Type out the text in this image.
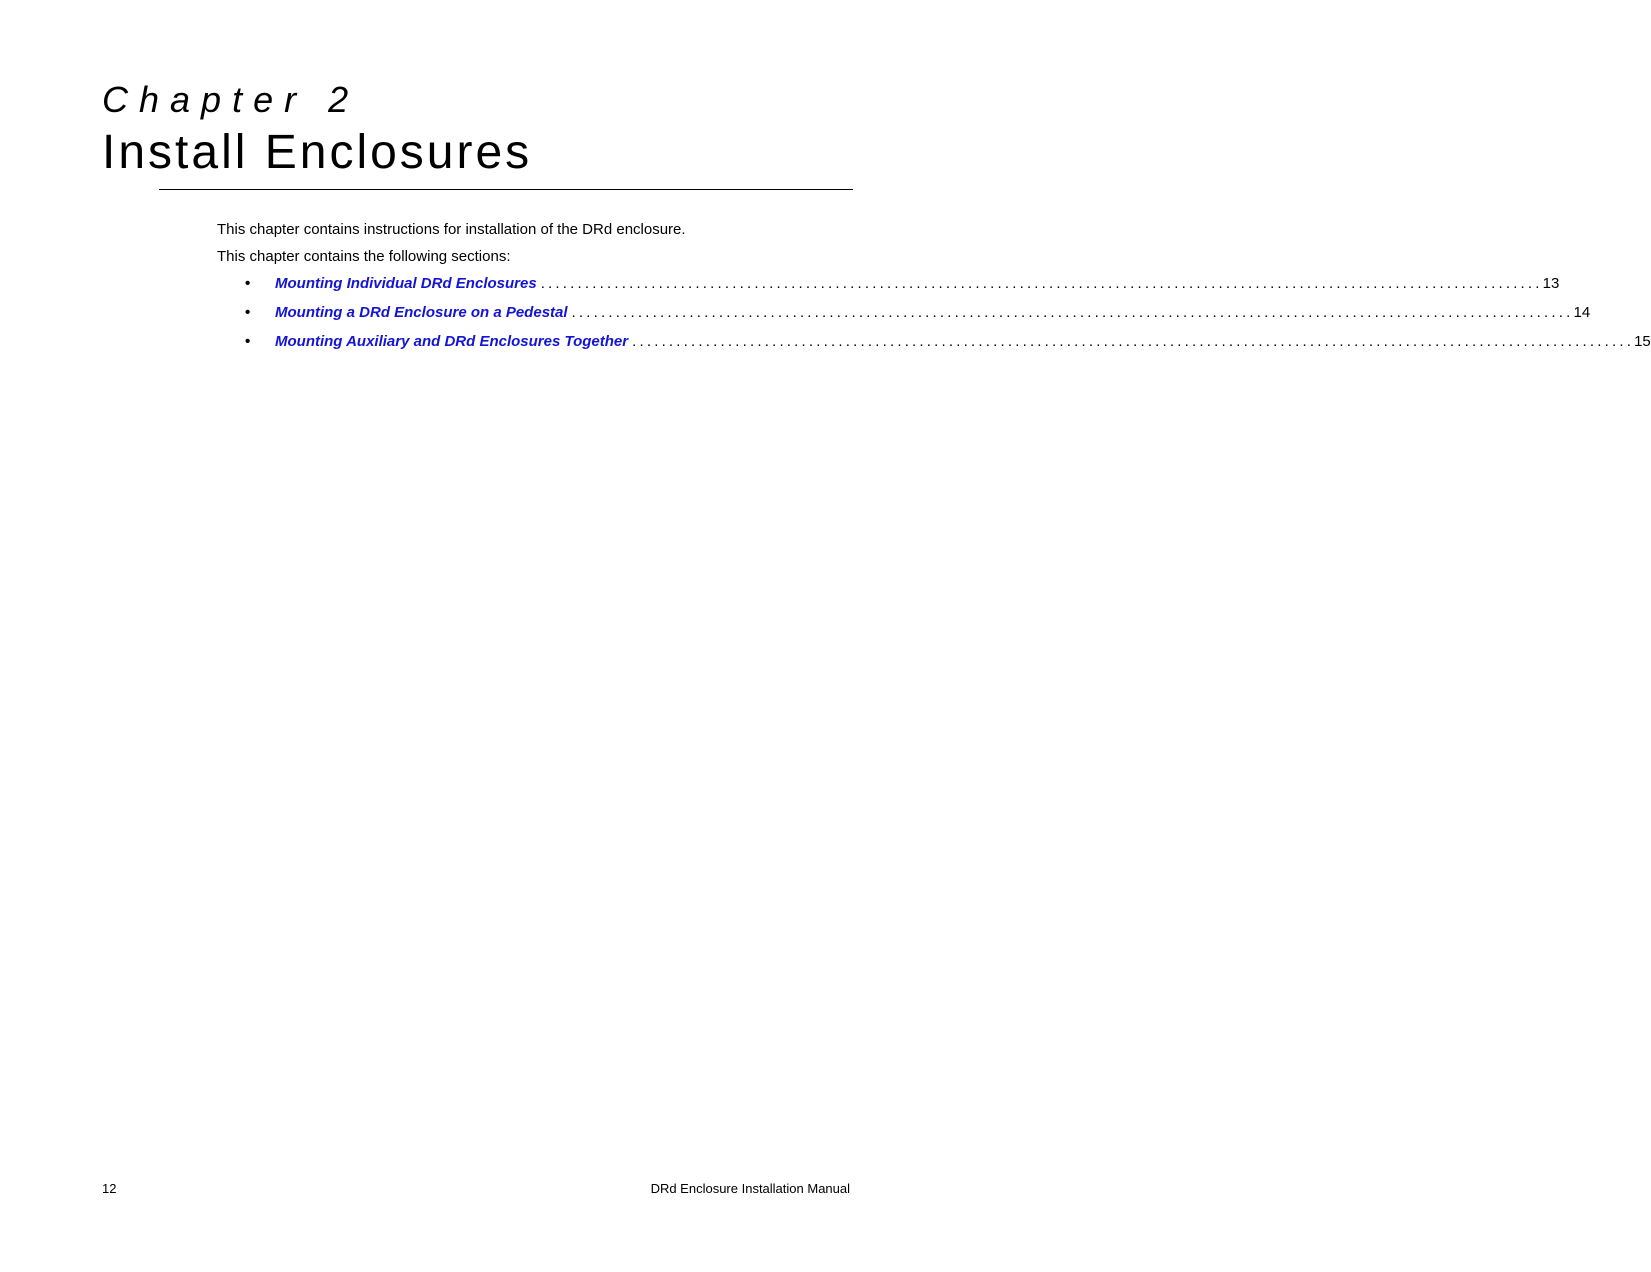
Chapter 2
Install Enclosures
This chapter contains instructions for installation of the DRd enclosure.
This chapter contains the following sections:
•	Mounting Individual DRd Enclosures ........................................................................................................................................ 13
•	Mounting a DRd Enclosure on a Pedestal ........................................................................................................................................ 14
•	Mounting Auxiliary and DRd Enclosures Together ........................................................................................................................................ 15
12	DRd Enclosure Installation Manual
